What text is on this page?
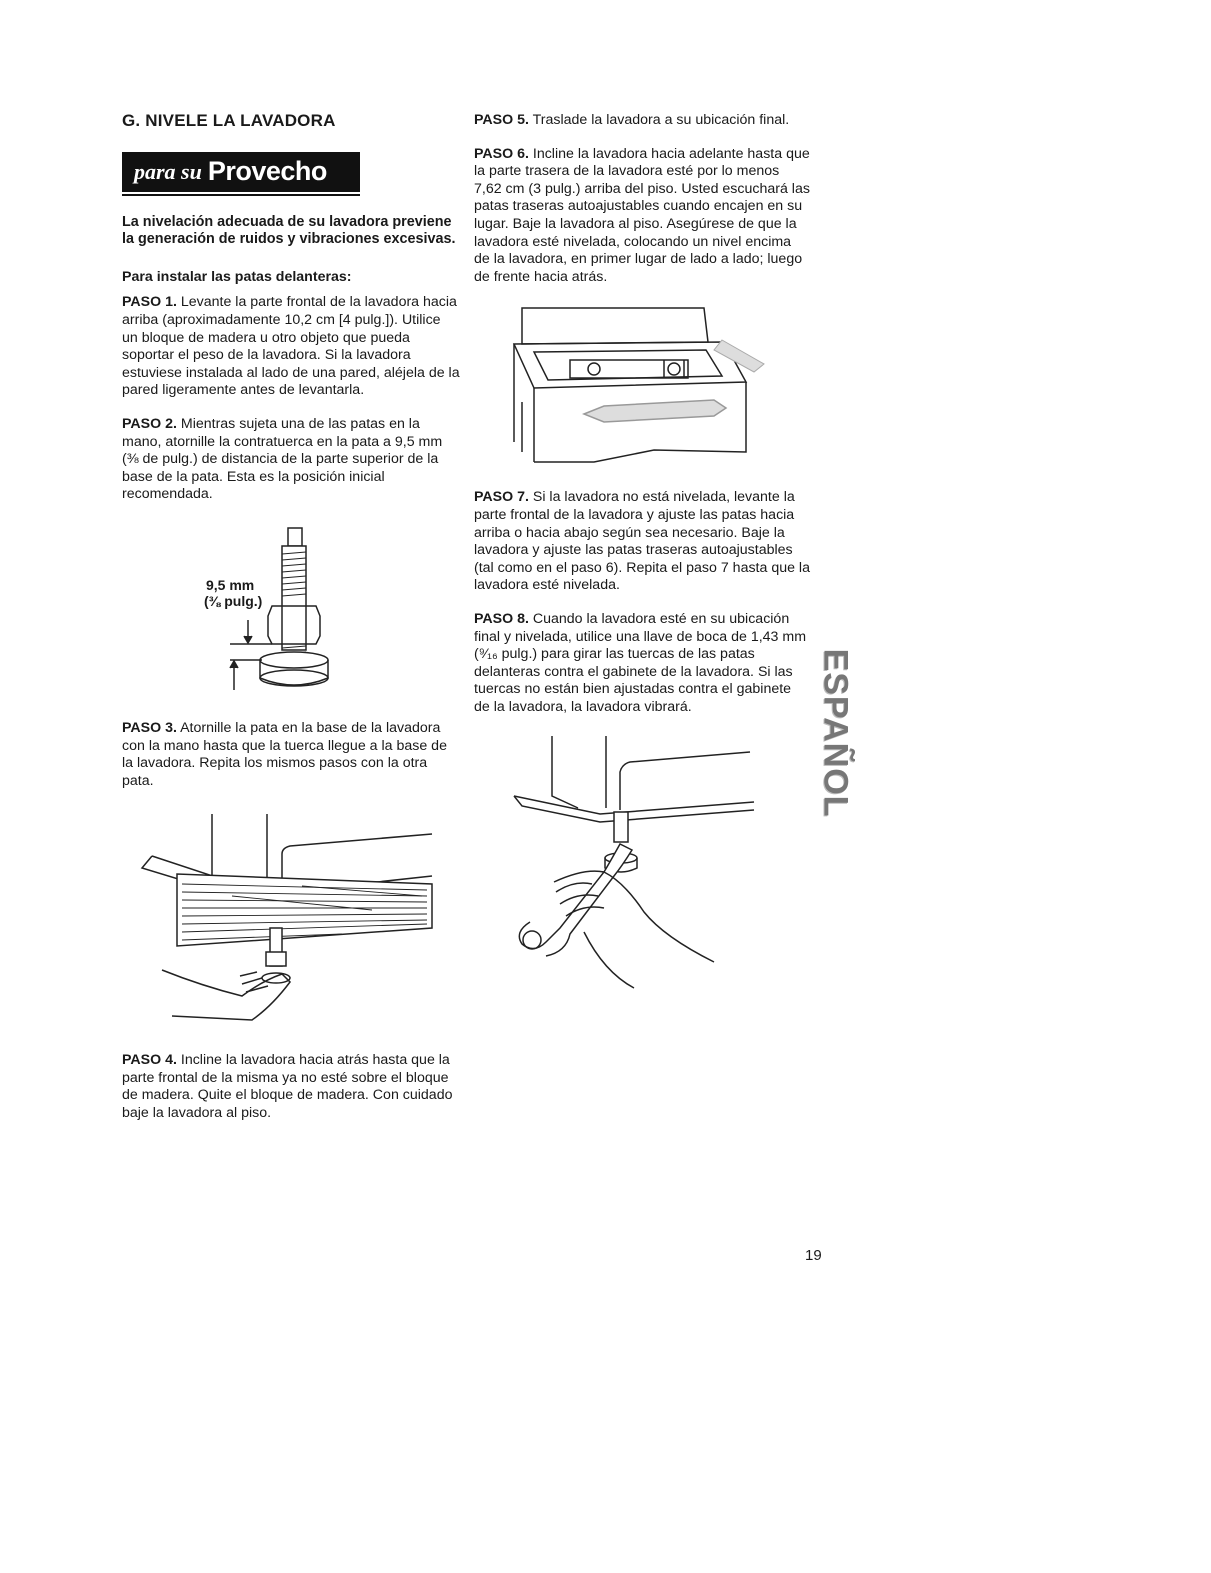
G. NIVELE LA LAVADORA

para su Provecho

La nivelación adecuada de su lavadora previene la generación de ruidos y vibraciones excesivas.

Para instalar las patas delanteras:

PASO 1. Levante la parte frontal de la lavadora hacia arriba (aproximadamente 10,2 cm [4 pulg.]). Utilice un bloque de madera u otro objeto que pueda soportar el peso de la lavadora. Si la lavadora estuviese instalada al lado de una pared, aléjela de la pared ligeramente antes de levantarla.

PASO 2. Mientras sujeta una de las patas en la mano, atornille la contratuerca en la pata a 9,5 mm (⅜ de pulg.) de distancia de la parte superior de la base de la pata. Esta es la posición inicial recomendada.

9,5 mm
(⅜ pulg.)

PASO 3. Atornille la pata en la base de la lavadora con la mano hasta que la tuerca llegue a la base de la lavadora. Repita los mismos pasos con la otra pata.

PASO 4. Incline la lavadora hacia atrás hasta que la parte frontal de la misma ya no esté sobre el bloque de madera. Quite el bloque de madera. Con cuidado baje la lavadora al piso.

PASO 5. Traslade la lavadora a su ubicación final.

PASO 6. Incline la lavadora hacia adelante hasta que la parte trasera de la lavadora esté por lo menos 7,62 cm (3 pulg.) arriba del piso. Usted escuchará las patas traseras autoajustables cuando encajen en su lugar. Baje la lavadora al piso. Asegúrese de que la lavadora esté nivelada, colocando un nivel encima de la lavadora, en primer lugar de lado a lado; luego de frente hacia atrás.

PASO 7. Si la lavadora no está nivelada, levante la parte frontal de la lavadora y ajuste las patas hacia arriba o hacia abajo según sea necesario. Baje la lavadora y ajuste las patas traseras autoajustables (tal como en el paso 6). Repita el paso 7 hasta que la lavadora esté nivelada.

PASO 8. Cuando la lavadora esté en su ubicación final y nivelada, utilice una llave de boca de 1,43 mm (⁹⁄₁₆ pulg.) para girar las tuercas de las patas delanteras contra el gabinete de la lavadora. Si las tuercas no están bien ajustadas contra el gabinete de la lavadora, la lavadora vibrará.	ESPAÑOL
19
